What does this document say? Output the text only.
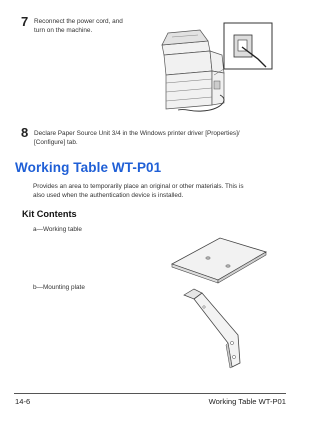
7 Reconnect the power cord, and
turn on the machine.
8 Declare Paper Source Unit 3/4 in the Windows printer driver [Properties]/
[Configure] tab.
Working Table WT-P01
Provides an area to temporarily place an original or other materials. This is
also used when the authentication device is installed.
Kit Contents
a—Working table
b—Mounting plate
14-6	Working Table WT-P01
